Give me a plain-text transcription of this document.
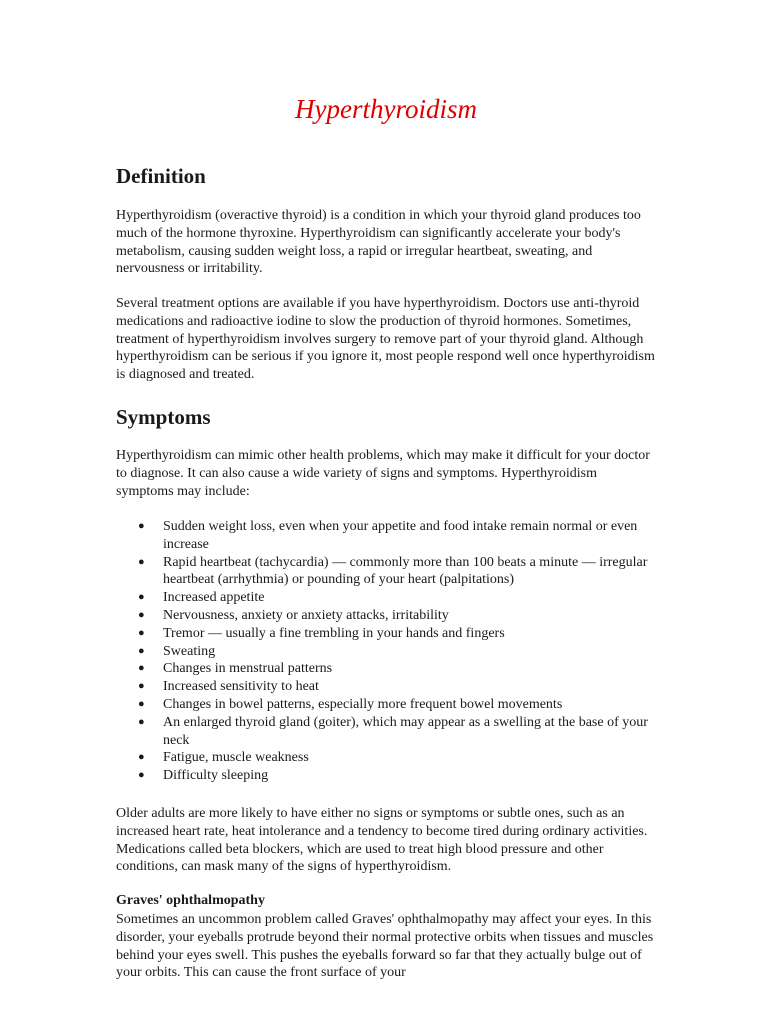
Hyperthyroidism
Definition

Hyperthyroidism (overactive thyroid) is a condition in which your thyroid gland produces too much of the hormone thyroxine. Hyperthyroidism can significantly accelerate your body's metabolism, causing sudden weight loss, a rapid or irregular heartbeat, sweating, and nervousness or irritability.

Several treatment options are available if you have hyperthyroidism. Doctors use anti-thyroid medications and radioactive iodine to slow the production of thyroid hormones. Sometimes, treatment of hyperthyroidism involves surgery to remove part of your thyroid gland. Although hyperthyroidism can be serious if you ignore it, most people respond well once hyperthyroidism is diagnosed and treated.

Symptoms

Hyperthyroidism can mimic other health problems, which may make it difficult for your doctor to diagnose. It can also cause a wide variety of signs and symptoms. Hyperthyroidism symptoms may include:

● Sudden weight loss, even when your appetite and food intake remain normal or even increase
● Rapid heartbeat (tachycardia) — commonly more than 100 beats a minute — irregular heartbeat (arrhythmia) or pounding of your heart (palpitations)
● Increased appetite
● Nervousness, anxiety or anxiety attacks, irritability
● Tremor — usually a fine trembling in your hands and fingers
● Sweating
● Changes in menstrual patterns
● Increased sensitivity to heat
● Changes in bowel patterns, especially more frequent bowel movements
● An enlarged thyroid gland (goiter), which may appear as a swelling at the base of your neck
● Fatigue, muscle weakness
● Difficulty sleeping

Older adults are more likely to have either no signs or symptoms or subtle ones, such as an increased heart rate, heat intolerance and a tendency to become tired during ordinary activities. Medications called beta blockers, which are used to treat high blood pressure and other conditions, can mask many of the signs of hyperthyroidism.

Graves' ophthalmopathy

Sometimes an uncommon problem called Graves' ophthalmopathy may affect your eyes. In this disorder, your eyeballs protrude beyond their normal protective orbits when tissues and muscles behind your eyes swell. This pushes the eyeballs forward so far that they actually bulge out of your orbits. This can cause the front surface of your
